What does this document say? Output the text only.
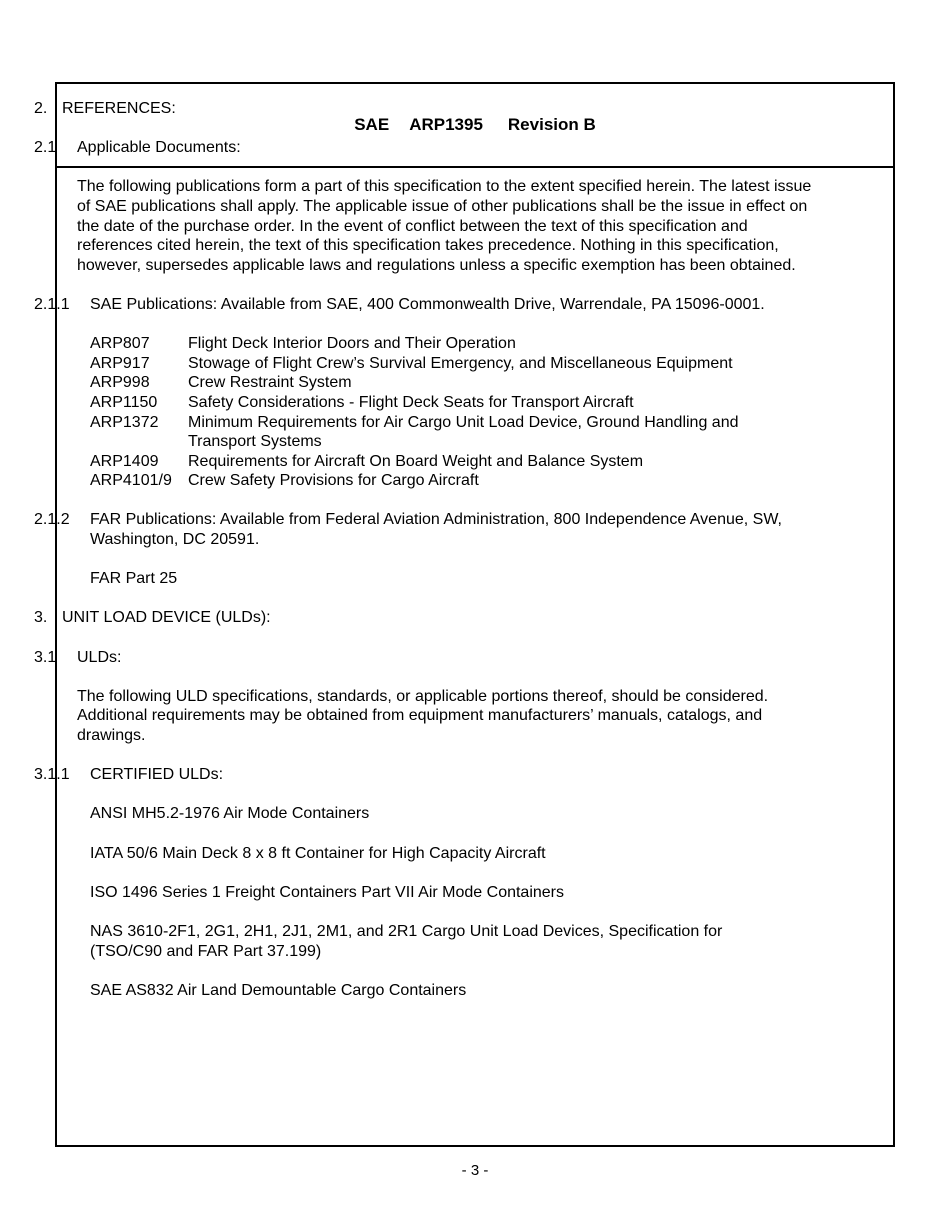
SAE ARP1395 Revision B
2. REFERENCES:
2.1	Applicable Documents:
The following publications form a part of this specification to the extent specified herein. The latest issue of SAE publications shall apply. The applicable issue of other publications shall be the issue in effect on the date of the purchase order. In the event of conflict between the text of this specification and references cited herein, the text of this specification takes precedence. Nothing in this specification, however, supersedes applicable laws and regulations unless a specific exemption has been obtained.
2.1.1	SAE Publications: Available from SAE, 400 Commonwealth Drive, Warrendale, PA 15096-0001.
ARP807	Flight Deck Interior Doors and Their Operation
ARP917	Stowage of Flight Crew’s Survival Emergency, and Miscellaneous Equipment
ARP998	Crew Restraint System
ARP1150	Safety Considerations - Flight Deck Seats for Transport Aircraft
ARP1372	Minimum Requirements for Air Cargo Unit Load Device, Ground Handling and Transport Systems
ARP1409	Requirements for Aircraft On Board Weight and Balance System
ARP4101/9	Crew Safety Provisions for Cargo Aircraft
2.1.2	FAR Publications: Available from Federal Aviation Administration, 800 Independence Avenue, SW, Washington, DC 20591.
FAR Part 25
3. UNIT LOAD DEVICE (ULDs):
3.1	ULDs:
The following ULD specifications, standards, or applicable portions thereof, should be considered. Additional requirements may be obtained from equipment manufacturers’ manuals, catalogs, and drawings.
3.1.1	CERTIFIED ULDs:
ANSI MH5.2-1976 Air Mode Containers
IATA 50/6 Main Deck 8 x 8 ft Container for High Capacity Aircraft
ISO 1496 Series 1 Freight Containers Part VII Air Mode Containers
NAS 3610-2F1, 2G1, 2H1, 2J1, 2M1, and 2R1 Cargo Unit Load Devices, Specification for (TSO/C90 and FAR Part 37.199)
SAE AS832 Air Land Demountable Cargo Containers
- 3 -
